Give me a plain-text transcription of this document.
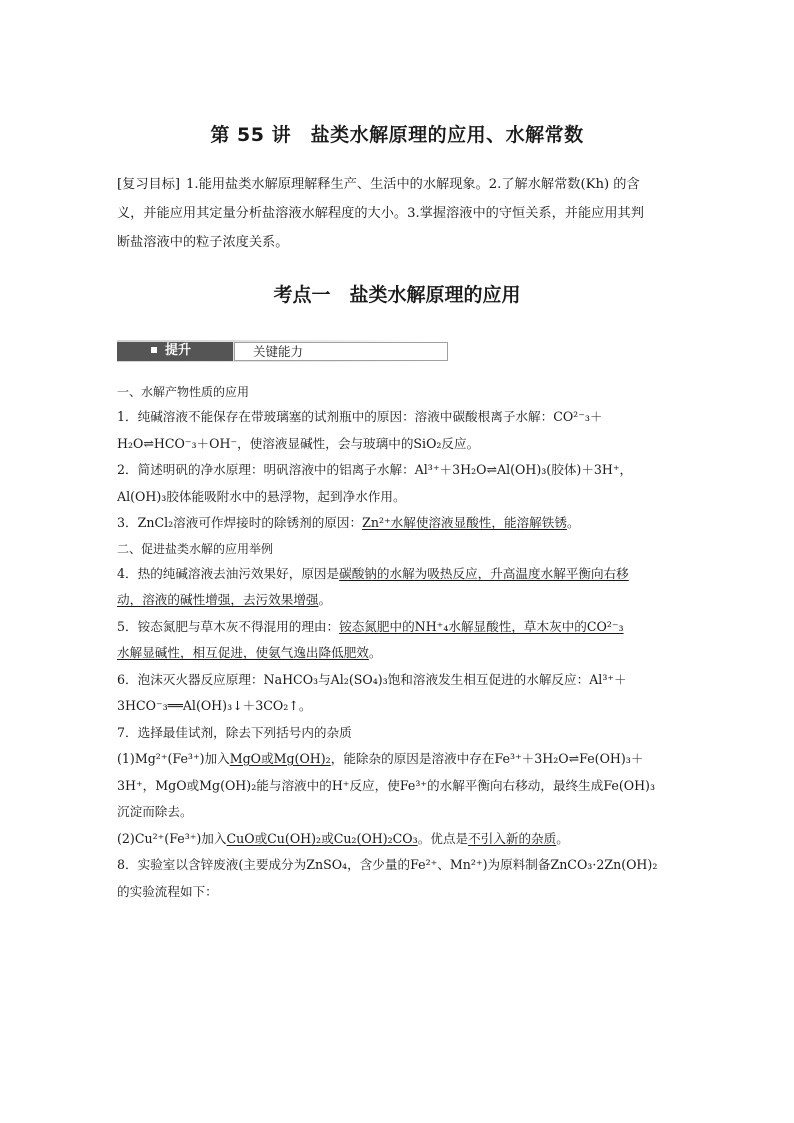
第 55 讲　盐类水解原理的应用、水解常数
[复习目标] 1.能用盐类水解原理解释生产、生活中的水解现象。2.了解水解常数(Kh) 的含
义，并能应用其定量分析盐溶液水解程度的大小。3.掌握溶液中的守恒关系，并能应用其判
断盐溶液中的粒子浓度关系。
考点一　盐类水解原理的应用
提升	关键能力
一、水解产物性质的应用
1．纯碱溶液不能保存在带玻璃塞的试剂瓶中的原因：溶液中碳酸根离子水解：CO²⁻₃＋
H₂O⇌HCO⁻₃＋OH⁻，使溶液显碱性，会与玻璃中的SiO₂反应。
2．简述明矾的净水原理：明矾溶液中的铝离子水解：Al³⁺＋3H₂O⇌Al(OH)₃(胶体)＋3H⁺，
Al(OH)₃胶体能吸附水中的悬浮物，起到净水作用。
3．ZnCl₂溶液可作焊接时的除锈剂的原因：Zn²⁺水解使溶液显酸性，能溶解铁锈。
二、促进盐类水解的应用举例
4．热的纯碱溶液去油污效果好，原因是碳酸钠的水解为吸热反应，升高温度水解平衡向右移
动，溶液的碱性增强，去污效果增强。
5．铵态氮肥与草木灰不得混用的理由：铵态氮肥中的NH⁺₄水解显酸性，草木灰中的CO²⁻₃
水解显碱性，相互促进，使氨气逸出降低肥效。
6．泡沫灭火器反应原理：NaHCO₃与Al₂(SO₄)₃饱和溶液发生相互促进的水解反应：Al³⁺＋
3HCO⁻₃══Al(OH)₃↓＋3CO₂↑。
7．选择最佳试剂，除去下列括号内的杂质
(1)Mg²⁺(Fe³⁺)加入MgO或Mg(OH)₂，能除杂的原因是溶液中存在Fe³⁺＋3H₂O⇌Fe(OH)₃＋
3H⁺，MgO或Mg(OH)₂能与溶液中的H⁺反应，使Fe³⁺的水解平衡向右移动，最终生成Fe(OH)₃
沉淀而除去。
(2)Cu²⁺(Fe³⁺)加入CuO或Cu(OH)₂或Cu₂(OH)₂CO₃。优点是不引入新的杂质。
8．实验室以含锌废液(主要成分为ZnSO₄，含少量的Fe²⁺、Mn²⁺)为原料制备ZnCO₃·2Zn(OH)₂
的实验流程如下：
